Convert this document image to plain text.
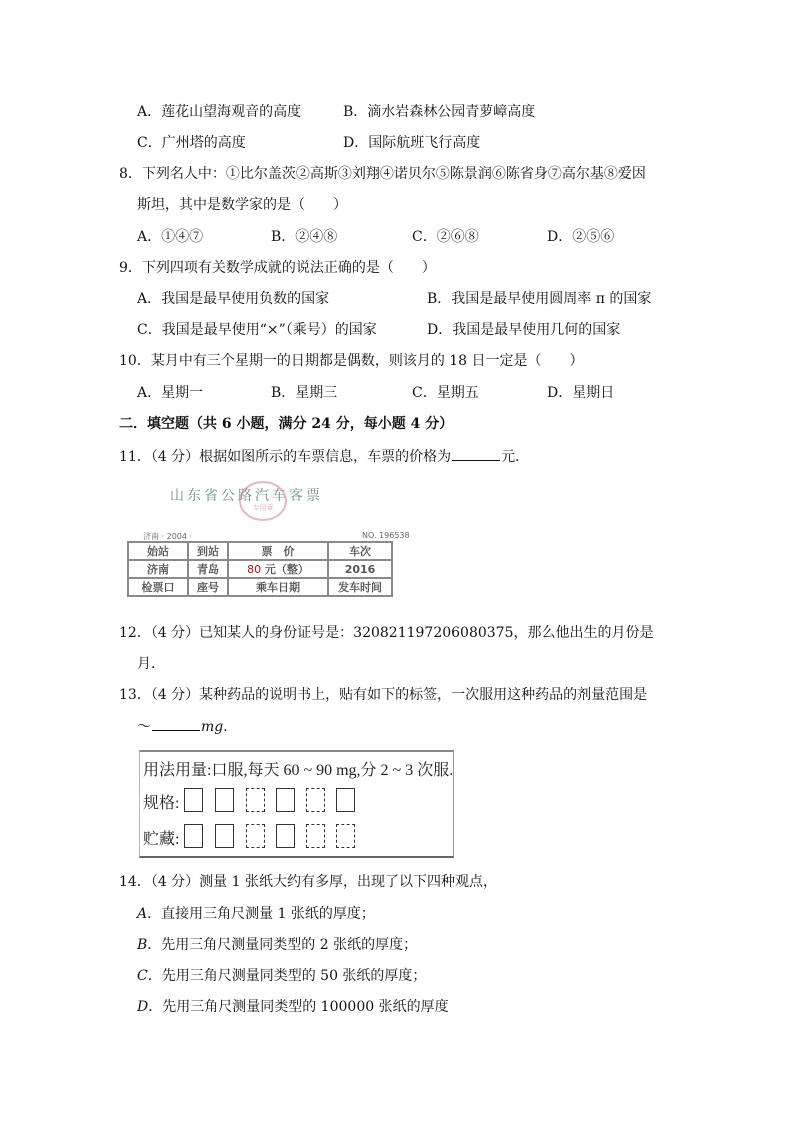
A．莲花山望海观音的高度	B．滴水岩森林公园青萝嶂高度
C．广州塔的高度	D．国际航班飞行高度
8．下列名人中：①比尔盖茨②高斯③刘翔④诺贝尔⑤陈景润⑥陈省身⑦高尔基⑧爱因
斯坦，其中是数学家的是（　　）
A．①④⑦	B．②④⑧	C．②⑥⑧	D．②⑤⑥
9．下列四项有关数学成就的说法正确的是（　　）
A．我国是最早使用负数的国家	B．我国是最早使用圆周率 π 的国家
C．我国是最早使用“×”（乘号）的国家	D．我国是最早使用几何的国家
10．某月中有三个星期一的日期都是偶数，则该月的 18 日一定是（　　）
A．星期一	B．星期三	C．星期五	D．星期日
二．填空题（共 6 小题，满分 24 分，每小题 4 分）
11．（4 分）根据如图所示的车票信息，车票的价格为	元．
山东省公路汽车客票
专用章
济南 · 2004 ·	NO. 196538
始站	到站	票　价	车次
济南	青岛	80 元（整）	2016
检票口	座号	乘车日期	发车时间
12．（4 分）已知某人的身份证号是：320821197206080375，那么他出生的月份是
月．
13．（4 分）某种药品的说明书上，贴有如下的标签，一次服用这种药品的剂量范围是
～	mg．
用法用量:口服,每天 60 ~ 90 mg,分 2 ~ 3 次服.
规格:
贮藏:
14．（4 分）测量 1 张纸大约有多厚，出现了以下四种观点，
A．直接用三角尺测量 1 张纸的厚度；
B．先用三角尺测量同类型的 2 张纸的厚度；
C．先用三角尺测量同类型的 50 张纸的厚度；
D．先用三角尺测量同类型的 100000 张纸的厚度
